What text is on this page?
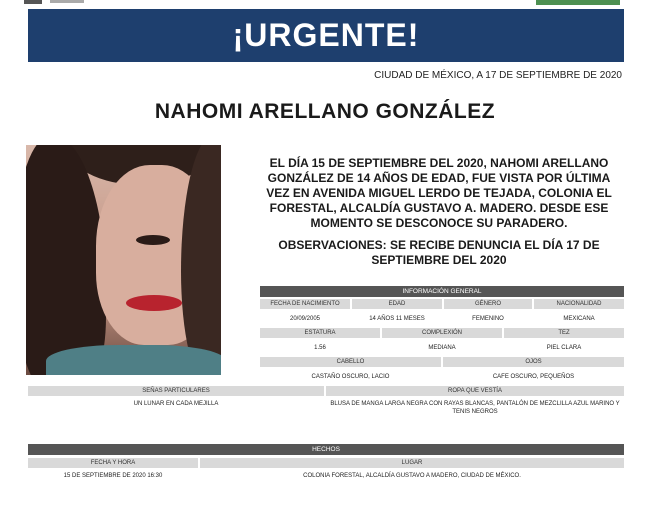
¡URGENTE!
CIUDAD DE MÉXICO, A 17 DE SEPTIEMBRE DE 2020
NAHOMI ARELLANO GONZÁLEZ
EL DÍA 15 DE SEPTIEMBRE DEL 2020, NAHOMI ARELLANO GONZÁLEZ DE 14 AÑOS DE EDAD, FUE VISTA POR ÚLTIMA VEZ EN AVENIDA MIGUEL LERDO DE TEJADA, COLONIA EL FORESTAL, ALCALDÍA GUSTAVO A. MADERO. DESDE ESE MOMENTO SE DESCONOCE SU PARADERO.
OBSERVACIONES: SE RECIBE DENUNCIA EL DÍA 17 DE SEPTIEMBRE DEL 2020
INFORMACIÓN GENERAL
FECHA DE NACIMIENTO	EDAD	GÉNERO	NACIONALIDAD
20/09/2005	14 AÑOS 11 MESES	FEMENINO	MEXICANA
ESTATURA	COMPLEXIÓN	TEZ
1.56	MEDIANA	PIEL CLARA
CABELLO	OJOS
CASTAÑO OSCURO, LACIO	CAFE OSCURO, PEQUEÑOS
SEÑAS PARTICULARES	ROPA QUE VESTÍA
UN LUNAR EN CADA MEJILLA	BLUSA DE MANGA LARGA NEGRA CON RAYAS BLANCAS, PANTALÓN DE MEZCLILLA AZUL MARINO Y TENIS NEGROS
HECHOS
FECHA Y HORA	LUGAR
15 DE SEPTIEMBRE DE 2020 16:30	COLONIA FORESTAL, ALCALDÍA GUSTAVO A MADERO, CIUDAD DE MÉXICO.
